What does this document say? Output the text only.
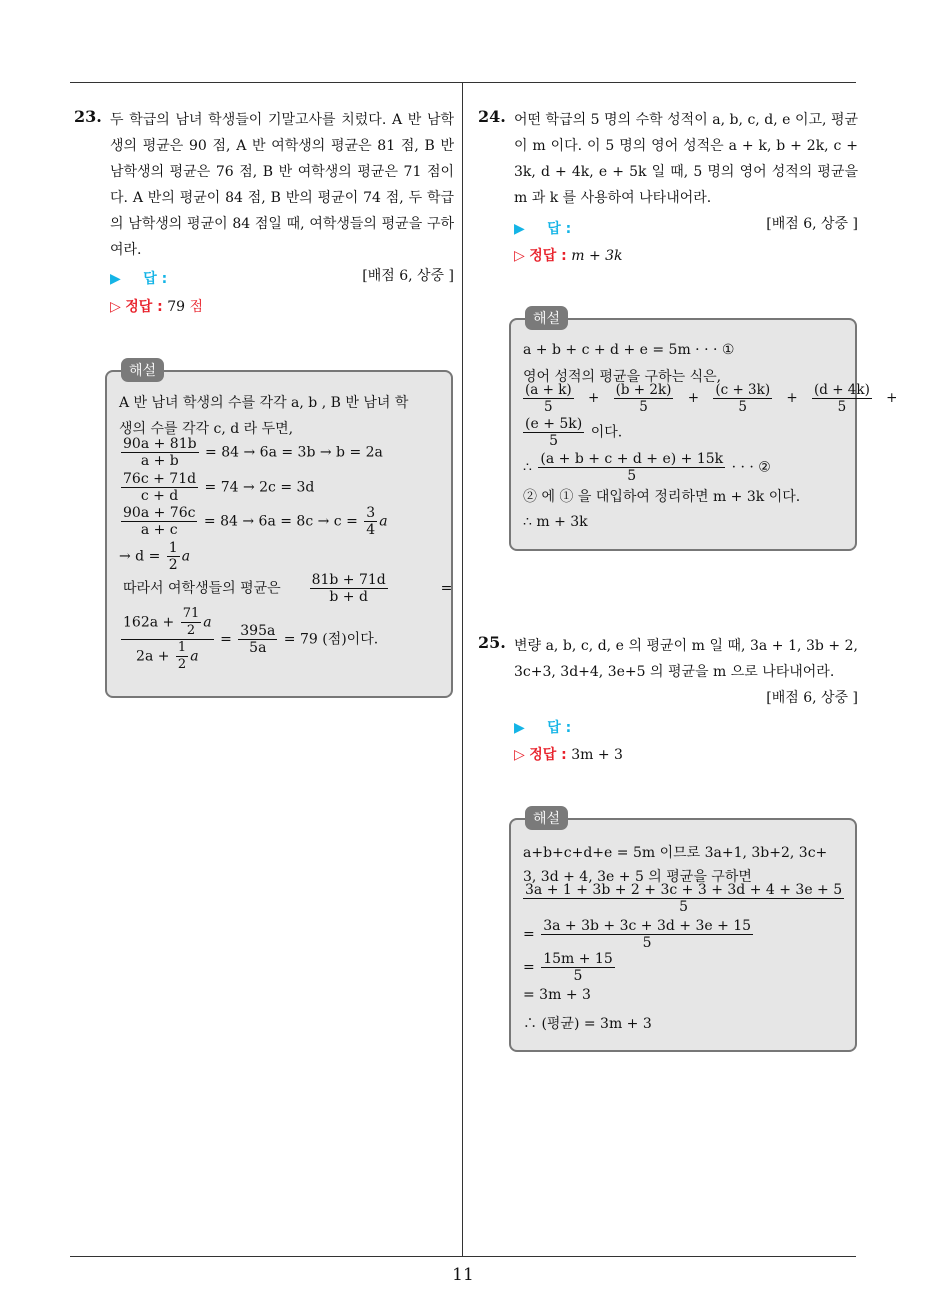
11
23. 두 학급의 남녀 학생들이 기말고사를 치렀다. A 반 남학생의 평균은 90 점, A 반 여학생의 평균은 81 점, B 반 남학생의 평균은 76 점, B 반 여학생의 평균은 71 점이다. A 반의 평균이 84 점, B 반의 평균이 74 점, 두 학급의 남학생의 평균이 84 점일 때, 여학생들의 평균을 구하여라.
[배점 6, 상중 ]
▶ 답 :
▷ 정답 : 79 점
해설
A 반 남녀 학생의 수를 각각 a, b , B 반 남녀 학
생의 수를 각각 c, d 라 두면,
$\frac{90a + 81b}{a + b} = 84 \to 6a = 3b \to b = 2a$
$\frac{76c + 71d}{c + d} = 74 \to 2c = 3d$
$\frac{90a + 76c}{a + c} = 84 \to 6a = 8c \to c = \frac{3}{4}$ a
→ $d = \frac{1}{2}$ a
따라서 여학생들의 평균은 $\frac{81b + 71d}{b + d}$	=
$\frac{162a + \frac{71}{2} a}{2a + \frac{1}{2} a} = \frac{395a}{5a} = 79$ (점)이다.
24. 어떤 학급의 5 명의 수학 성적이 a, b, c, d, e 이고, 평균이 m 이다. 이 5 명의 영어 성적은 a + k, b + 2k, c + 3k, d + 4k, e + 5k 일 때, 5 명의 영어 성적의 평균을 m 과 k 를 사용하여 나타내어라.
[배점 6, 상중 ]
▶ 답 :
▷ 정답 : m + 3k
해설
a + b + c + d + e = 5m · · · ①
영어 성적의 평균을 구하는 식은,
$\frac{(a + k)}{5} + \frac{(b + 2k)}{5} + \frac{(c + 3k)}{5} + \frac{(d + 4k)}{5}$ +
$\frac{(e + 5k)}{5}$ 이다.
∴ $\frac{(a + b + c + d + e) + 15k}{5}$ · · · ②
② 에 ① 을 대입하여 정리하면 m + 3k 이다.
∴ m + 3k
25. 변량 a, b, c, d, e 의 평균이 m 일 때, 3a + 1, 3b + 2, 3c+3, 3d+4, 3e+5 의 평균을 m 으로 나타내어라.
[배점 6, 상중 ]
▶ 답 :
▷ 정답 : 3m + 3
해설
a+b+c+d+e = 5m 이므로 3a+1, 3b+2, 3c+
3, 3d + 4, 3e + 5 의 평균을 구하면
$\frac{3a + 1 + 3b + 2 + 3c + 3 + 3d + 4 + 3e + 5}{5}$
= $\frac{3a + 3b + 3c + 3d + 3e + 15}{5}$
= $\frac{15m + 15}{5}$
= 3m + 3
∴ (평균) = 3m + 3
